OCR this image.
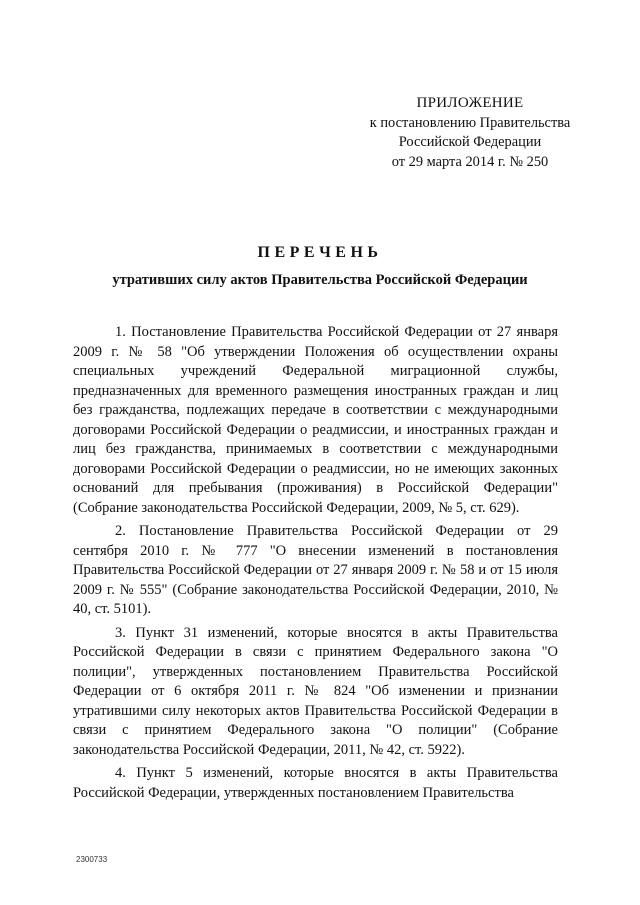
ПРИЛОЖЕНИЕ
к постановлению Правительства
Российской Федерации
от 29 марта 2014 г. № 250
ПЕРЕЧЕНЬ
утративших силу актов Правительства Российской Федерации

1. Постановление Правительства Российской Федерации от 27 января 2009 г. № 58 "Об утверждении Положения об осуществлении охраны специальных учреждений Федеральной миграционной службы, предназначенных для временного размещения иностранных граждан и лиц без гражданства, подлежащих передаче в соответствии с международными договорами Российской Федерации о реадмиссии, и иностранных граждан и лиц без гражданства, принимаемых в соответствии с международными договорами Российской Федерации о реадмиссии, но не имеющих законных оснований для пребывания (проживания) в Российской Федерации" (Собрание законодательства Российской Федерации, 2009, № 5, ст. 629).

2. Постановление Правительства Российской Федерации от 29 сентября 2010 г. № 777 "О внесении изменений в постановления Правительства Российской Федерации от 27 января 2009 г. № 58 и от 15 июля 2009 г. № 555" (Собрание законодательства Российской Федерации, 2010, № 40, ст. 5101).

3. Пункт 31 изменений, которые вносятся в акты Правительства Российской Федерации в связи с принятием Федерального закона "О полиции", утвержденных постановлением Правительства Российской Федерации от 6 октября 2011 г. № 824 "Об изменении и признании утратившими силу некоторых актов Правительства Российской Федерации в связи с принятием Федерального закона "О полиции" (Собрание законодательства Российской Федерации, 2011, № 42, ст. 5922).

4. Пункт 5 изменений, которые вносятся в акты Правительства Российской Федерации, утвержденных постановлением Правительства

2300733
